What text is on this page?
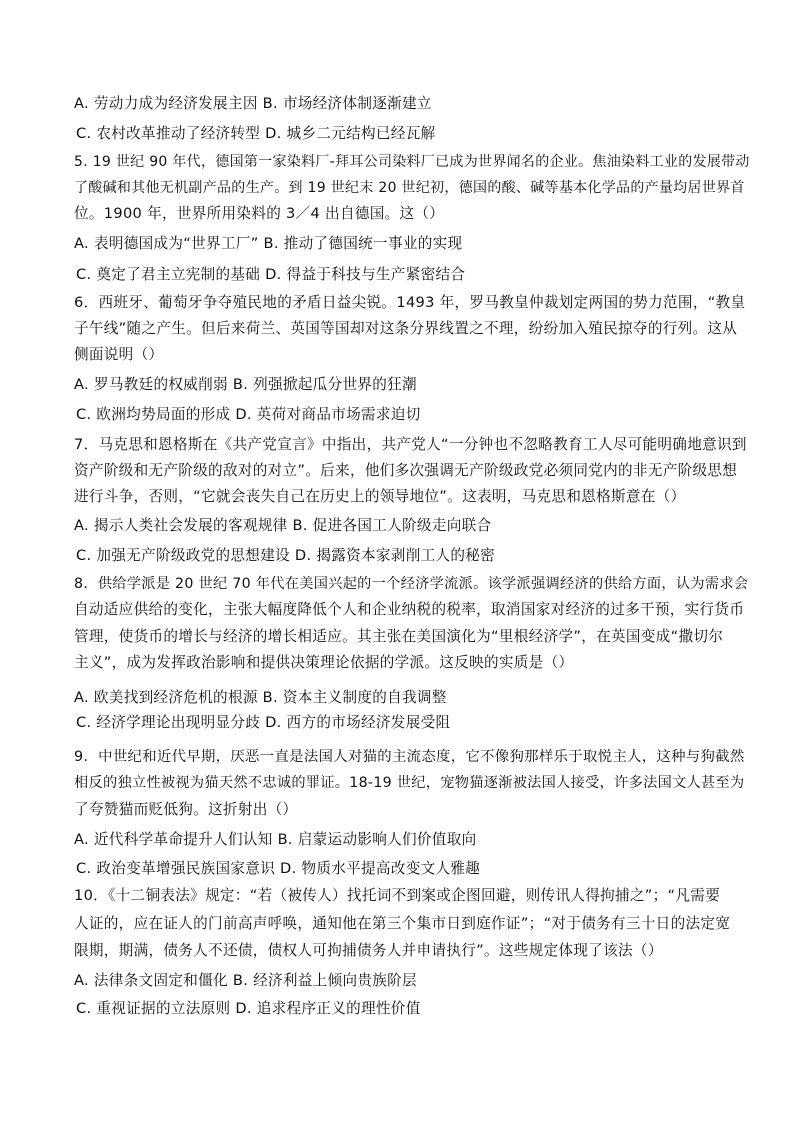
A. 劳动力成为经济发展主因 B. 市场经济体制逐渐建立
C. 农村改革推动了经济转型 D. 城乡二元结构已经瓦解
5. 19 世纪 90 年代，德国第一家染料厂-拜耳公司染料厂已成为世界闻名的企业。焦油染料工业的发展带动
了酸碱和其他无机副产品的生产。到 19 世纪末 20 世纪初，德国的酸、碱等基本化学品的产量均居世界首
位。1900 年，世界所用染料的 3／4 出自德国。这（）
A. 表明德国成为“世界工厂” B. 推动了德国统一事业的实现
C. 奠定了君主立宪制的基础 D. 得益于科技与生产紧密结合
6．西班牙、葡萄牙争夺殖民地的矛盾日益尖锐。1493 年，罗马教皇仲裁划定两国的势力范围，“教皇
子午线”随之产生。但后来荷兰、英国等国却对这条分界线置之不理，纷纷加入殖民掠夺的行列。这从
侧面说明（）
A. 罗马教廷的权威削弱 B. 列强掀起瓜分世界的狂潮
C. 欧洲均势局面的形成 D. 英荷对商品市场需求迫切
7．马克思和恩格斯在《共产党宣言》中指出，共产党人“一分钟也不忽略教育工人尽可能明确地意识到
资产阶级和无产阶级的敌对的对立”。后来，他们多次强调无产阶级政党必须同党内的非无产阶级思想
进行斗争，否则，“它就会丧失自己在历史上的领导地位”。这表明，马克思和恩格斯意在（）
A. 揭示人类社会发展的客观规律 B. 促进各国工人阶级走向联合
C. 加强无产阶级政党的思想建设 D. 揭露资本家剥削工人的秘密
8．供给学派是 20 世纪 70 年代在美国兴起的一个经济学流派。该学派强调经济的供给方面，认为需求会
自动适应供给的变化，主张大幅度降低个人和企业纳税的税率，取消国家对经济的过多干预，实行货币
管理，使货币的增长与经济的增长相适应。其主张在美国演化为“里根经济学”，在英国变成“撒切尔
主义”，成为发挥政治影响和提供决策理论依据的学派。这反映的实质是（）
A. 欧美找到经济危机的根源 B. 资本主义制度的自我调整
C. 经济学理论出现明显分歧 D. 西方的市场经济发展受阻
9．中世纪和近代早期，厌恶一直是法国人对猫的主流态度，它不像狗那样乐于取悦主人，这种与狗截然
相反的独立性被视为猫天然不忠诚的罪证。18-19 世纪，宠物猫逐渐被法国人接受，许多法国文人甚至为
了夸赞猫而贬低狗。这折射出（）
A. 近代科学革命提升人们认知 B. 启蒙运动影响人们价值取向
C. 政治变革增强民族国家意识 D. 物质水平提高改变文人雅趣
10．《十二铜表法》规定：“若（被传人）找托词不到案或企图回避，则传讯人得拘捕之”；“凡需要
人证的，应在证人的门前高声呼唤，通知他在第三个集市日到庭作证”；“对于债务有三十日的法定宽
限期，期满，债务人不还债，债权人可拘捕债务人并申请执行”。这些规定体现了该法（）
A. 法律条文固定和僵化 B. 经济利益上倾向贵族阶层
C. 重视证据的立法原则 D. 追求程序正义的理性价值
